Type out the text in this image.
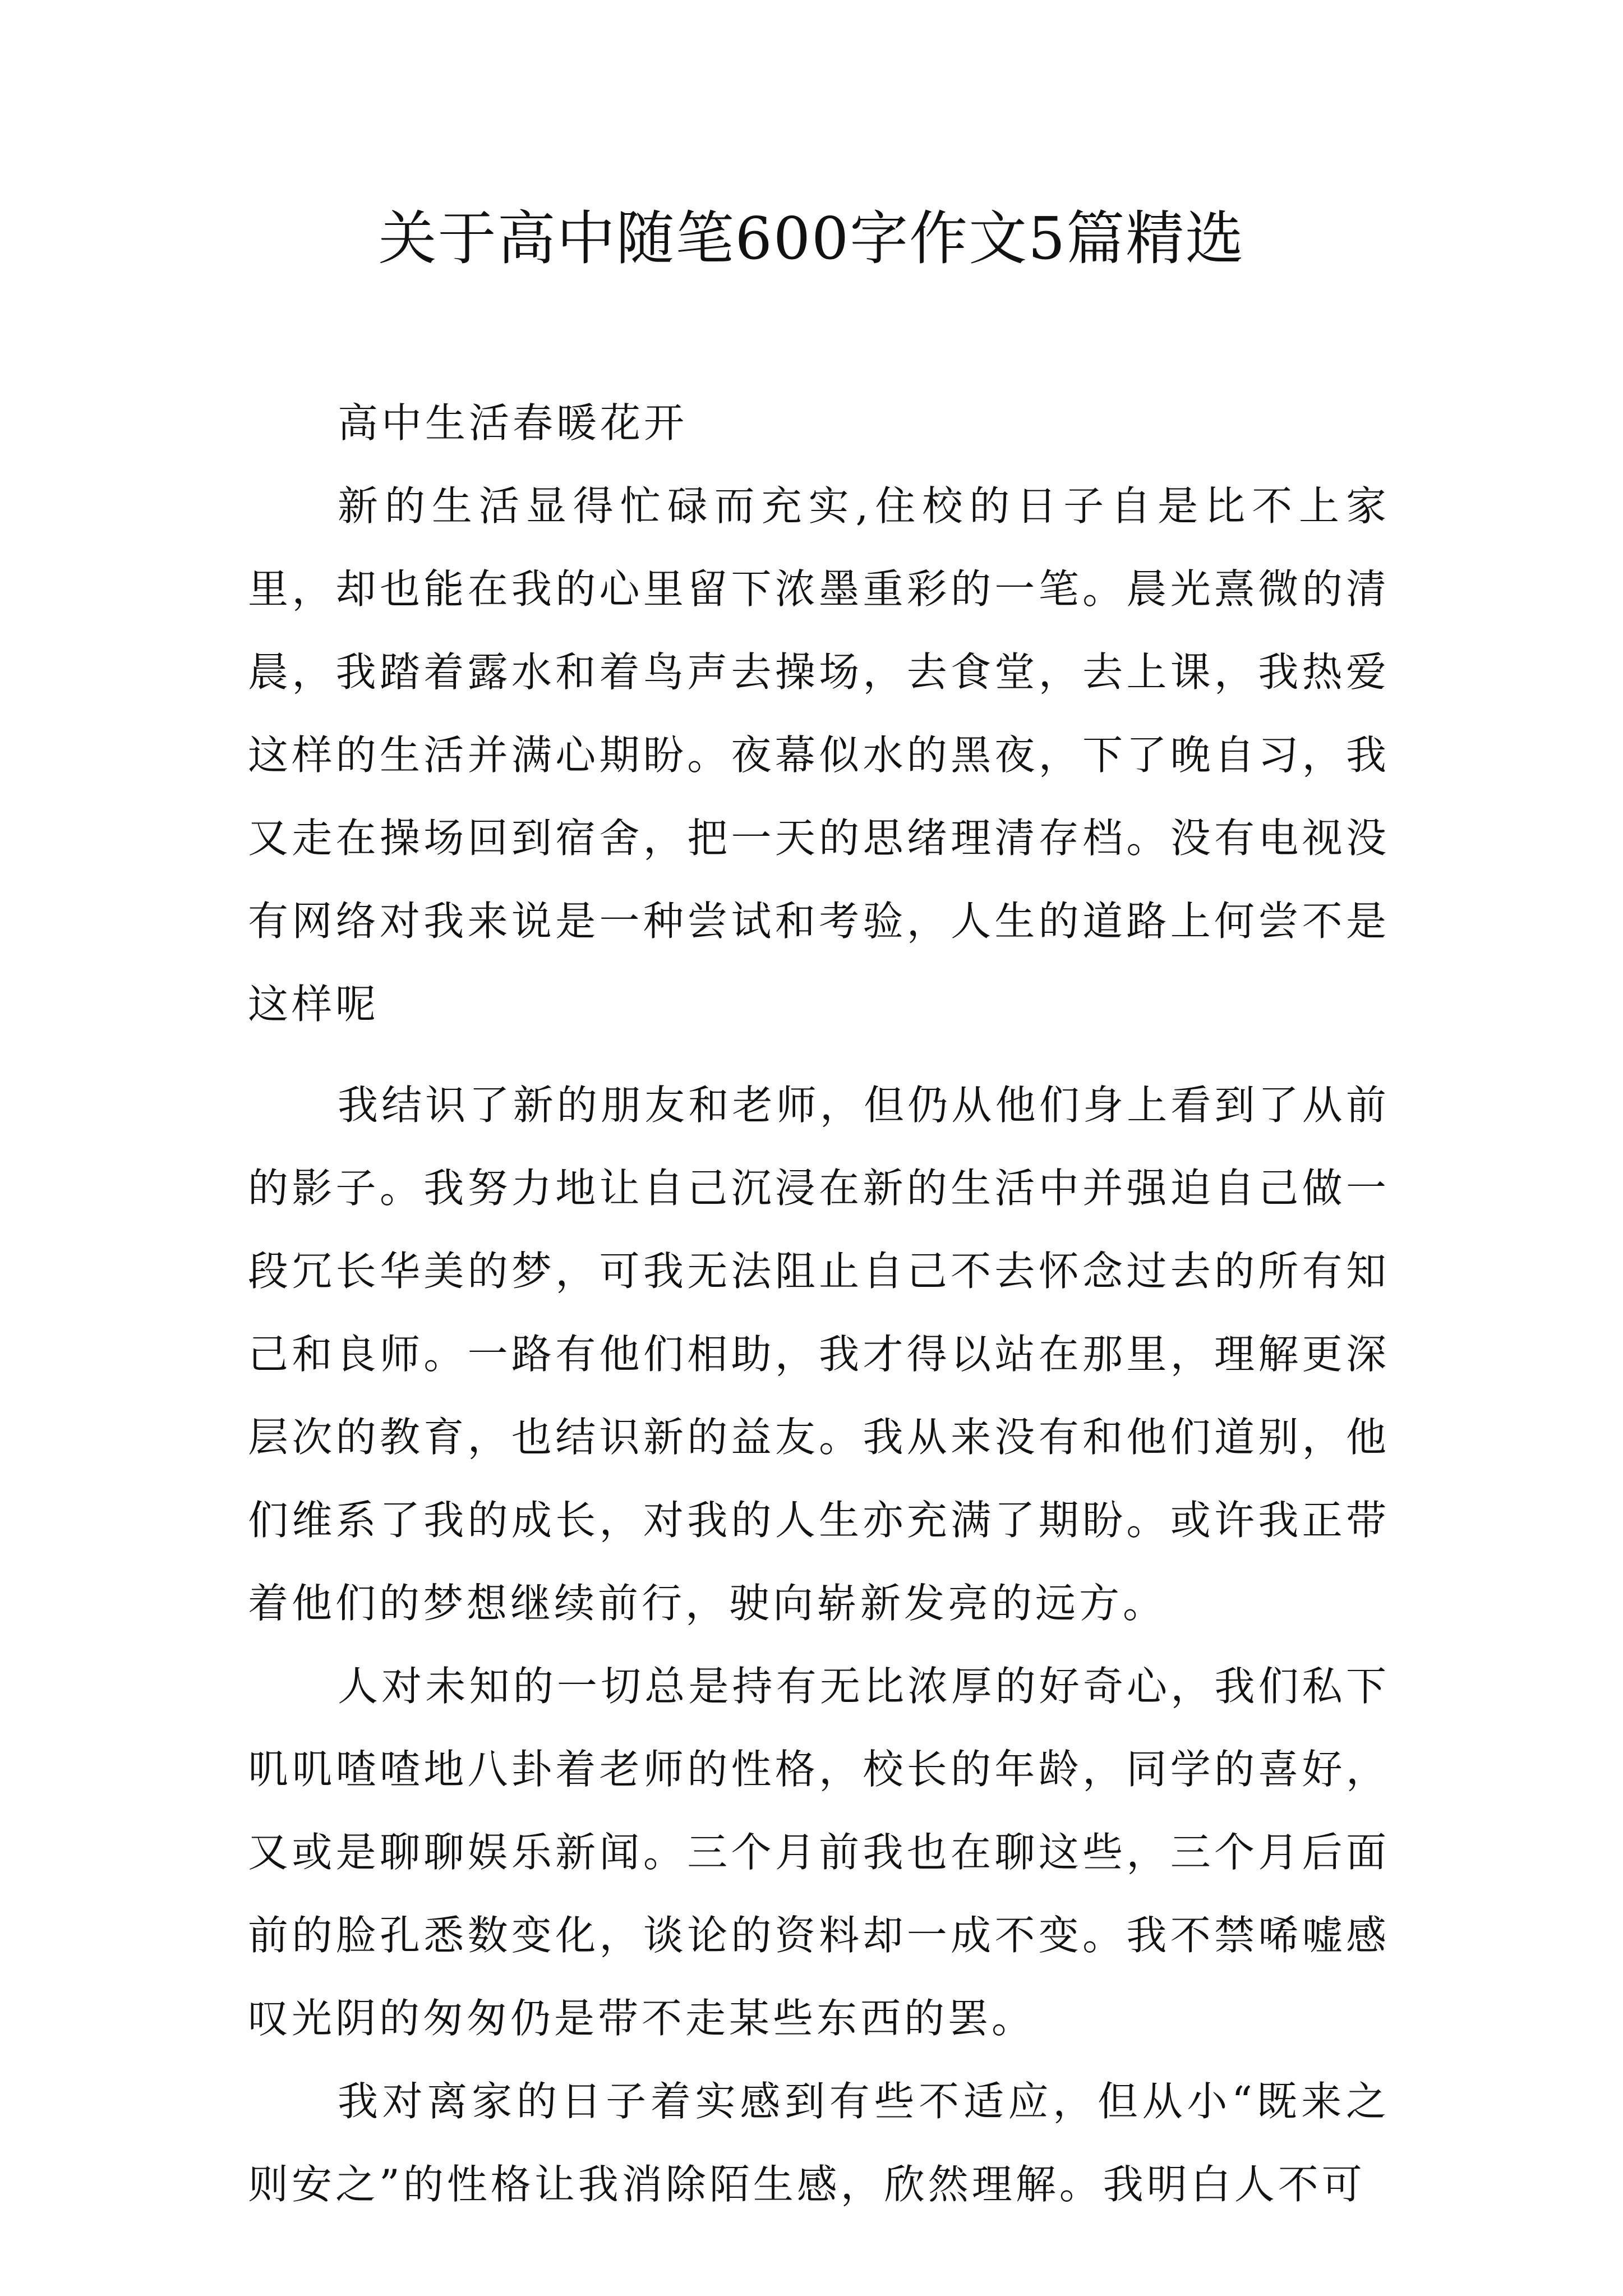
关于高中随笔600字作文5篇精选

高中生活春暖花开

新的生活显得忙碌而充实,住校的日子自是比不上家里，却也能在我的心里留下浓墨重彩的一笔。晨光熹微的清晨，我踏着露水和着鸟声去操场，去食堂，去上课，我热爱这样的生活并满心期盼。夜幕似水的黑夜，下了晚自习，我又走在操场回到宿舍，把一天的思绪理清存档。没有电视没有网络对我来说是一种尝试和考验，人生的道路上何尝不是这样呢

我结识了新的朋友和老师，但仍从他们身上看到了从前的影子。我努力地让自己沉浸在新的生活中并强迫自己做一段冗长华美的梦，可我无法阻止自己不去怀念过去的所有知己和良师。一路有他们相助，我才得以站在那里，理解更深层次的教育，也结识新的益友。我从来没有和他们道别，他们维系了我的成长，对我的人生亦充满了期盼。或许我正带着他们的梦想继续前行，驶向崭新发亮的远方。

人对未知的一切总是持有无比浓厚的好奇心，我们私下叽叽喳喳地八卦着老师的性格，校长的年龄，同学的喜好，又或是聊聊娱乐新闻。三个月前我也在聊这些，三个月后面前的脸孔悉数变化，谈论的资料却一成不变。我不禁唏嘘感叹光阴的匆匆仍是带不走某些东西的罢。

我对离家的日子着实感到有些不适应，但从小“既来之则安之”的性格让我消除陌生感，欣然理解。我明白人不可
